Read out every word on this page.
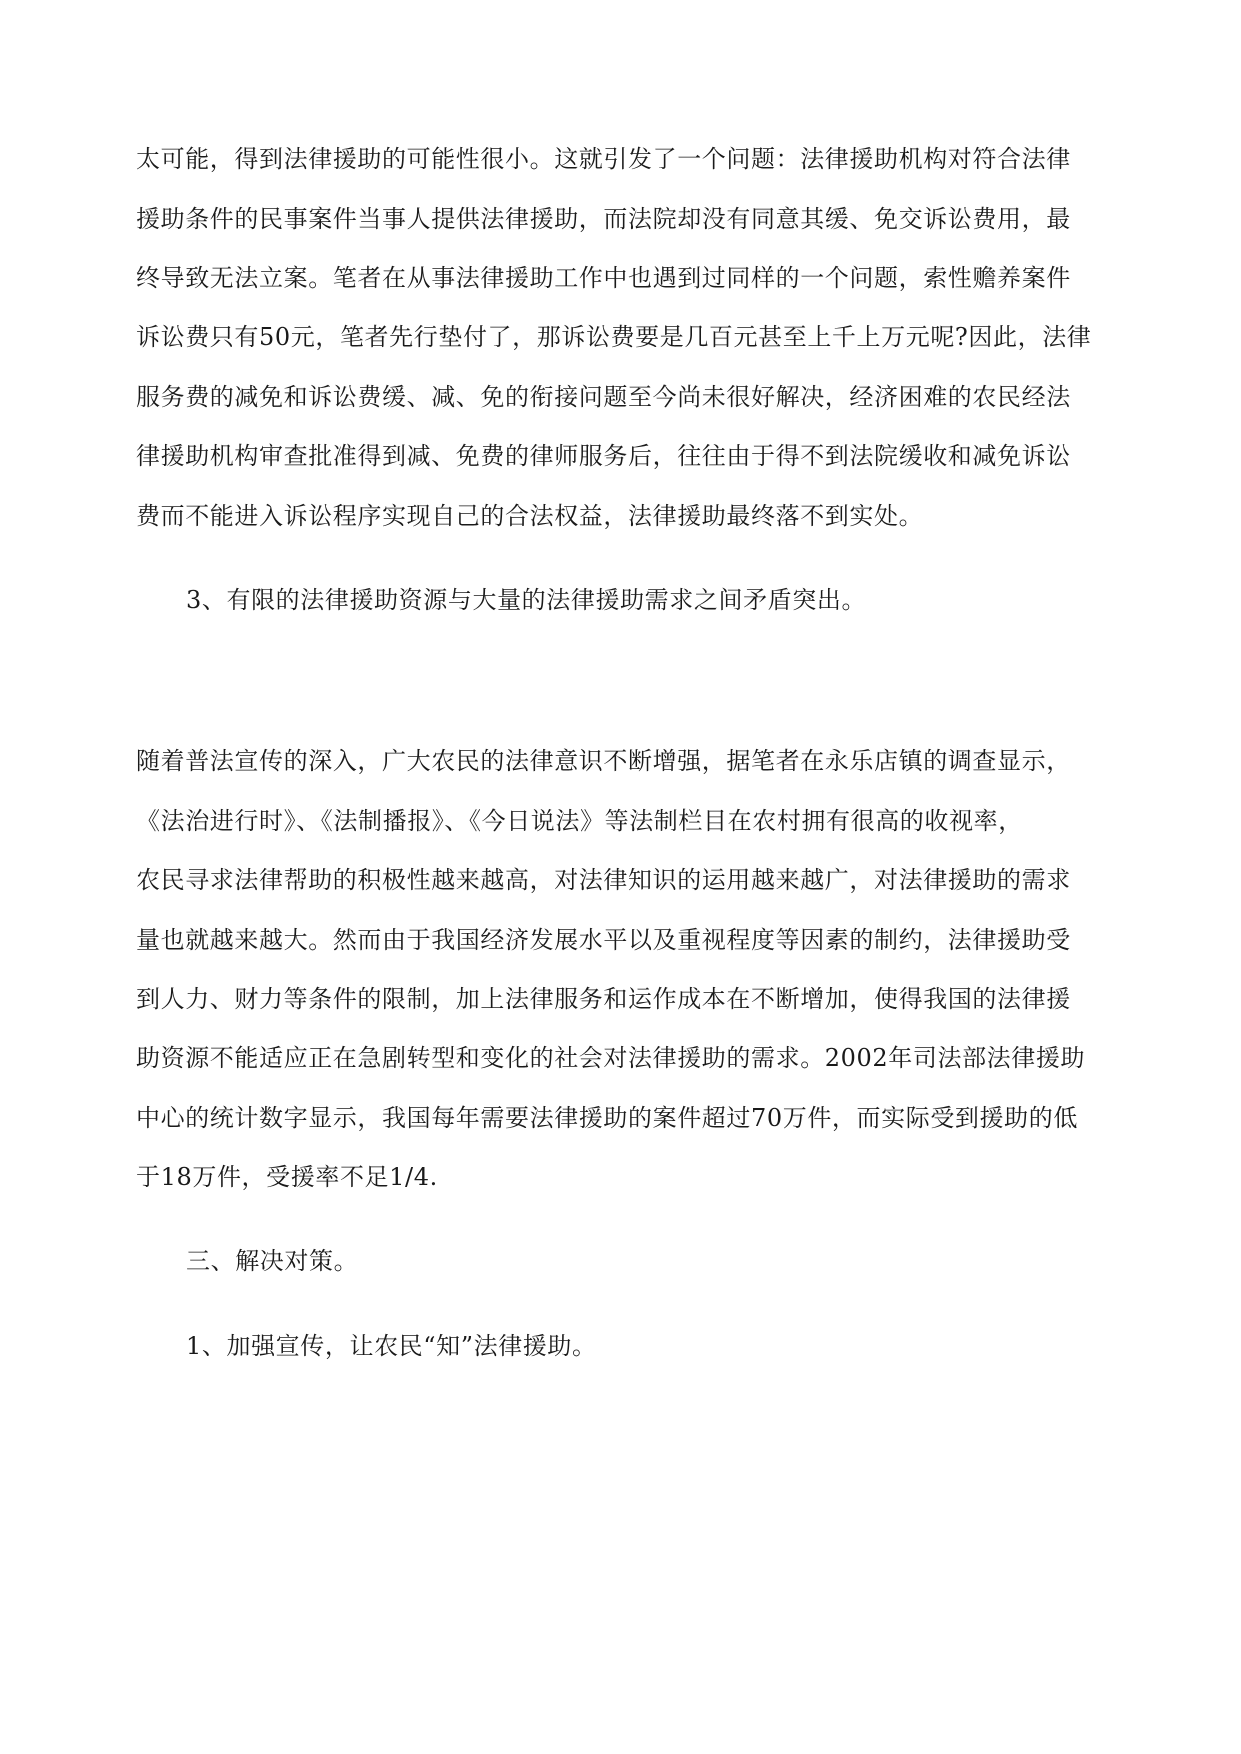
太可能，得到法律援助的可能性很小。这就引发了一个问题：法律援助机构对符合法律
援助条件的民事案件当事人提供法律援助，而法院却没有同意其缓、免交诉讼费用，最
终导致无法立案。笔者在从事法律援助工作中也遇到过同样的一个问题，索性赡养案件
诉讼费只有50元，笔者先行垫付了，那诉讼费要是几百元甚至上千上万元呢?因此，法律
服务费的减免和诉讼费缓、减、免的衔接问题至今尚未很好解决，经济困难的农民经法
律援助机构审查批准得到减、免费的律师服务后，往往由于得不到法院缓收和减免诉讼
费而不能进入诉讼程序实现自己的合法权益，法律援助最终落不到实处。
3、有限的法律援助资源与大量的法律援助需求之间矛盾突出。
随着普法宣传的深入，广大农民的法律意识不断增强，据笔者在永乐店镇的调查显示，
《法治进行时》、《法制播报》、《今日说法》等法制栏目在农村拥有很高的收视率，
农民寻求法律帮助的积极性越来越高，对法律知识的运用越来越广，对法律援助的需求
量也就越来越大。然而由于我国经济发展水平以及重视程度等因素的制约，法律援助受
到人力、财力等条件的限制，加上法律服务和运作成本在不断增加，使得我国的法律援
助资源不能适应正在急剧转型和变化的社会对法律援助的需求。2002年司法部法律援助
中心的统计数字显示，我国每年需要法律援助的案件超过70万件，而实际受到援助的低
于18万件，受援率不足1/4.
三、解决对策。
1、加强宣传，让农民“知”法律援助。
